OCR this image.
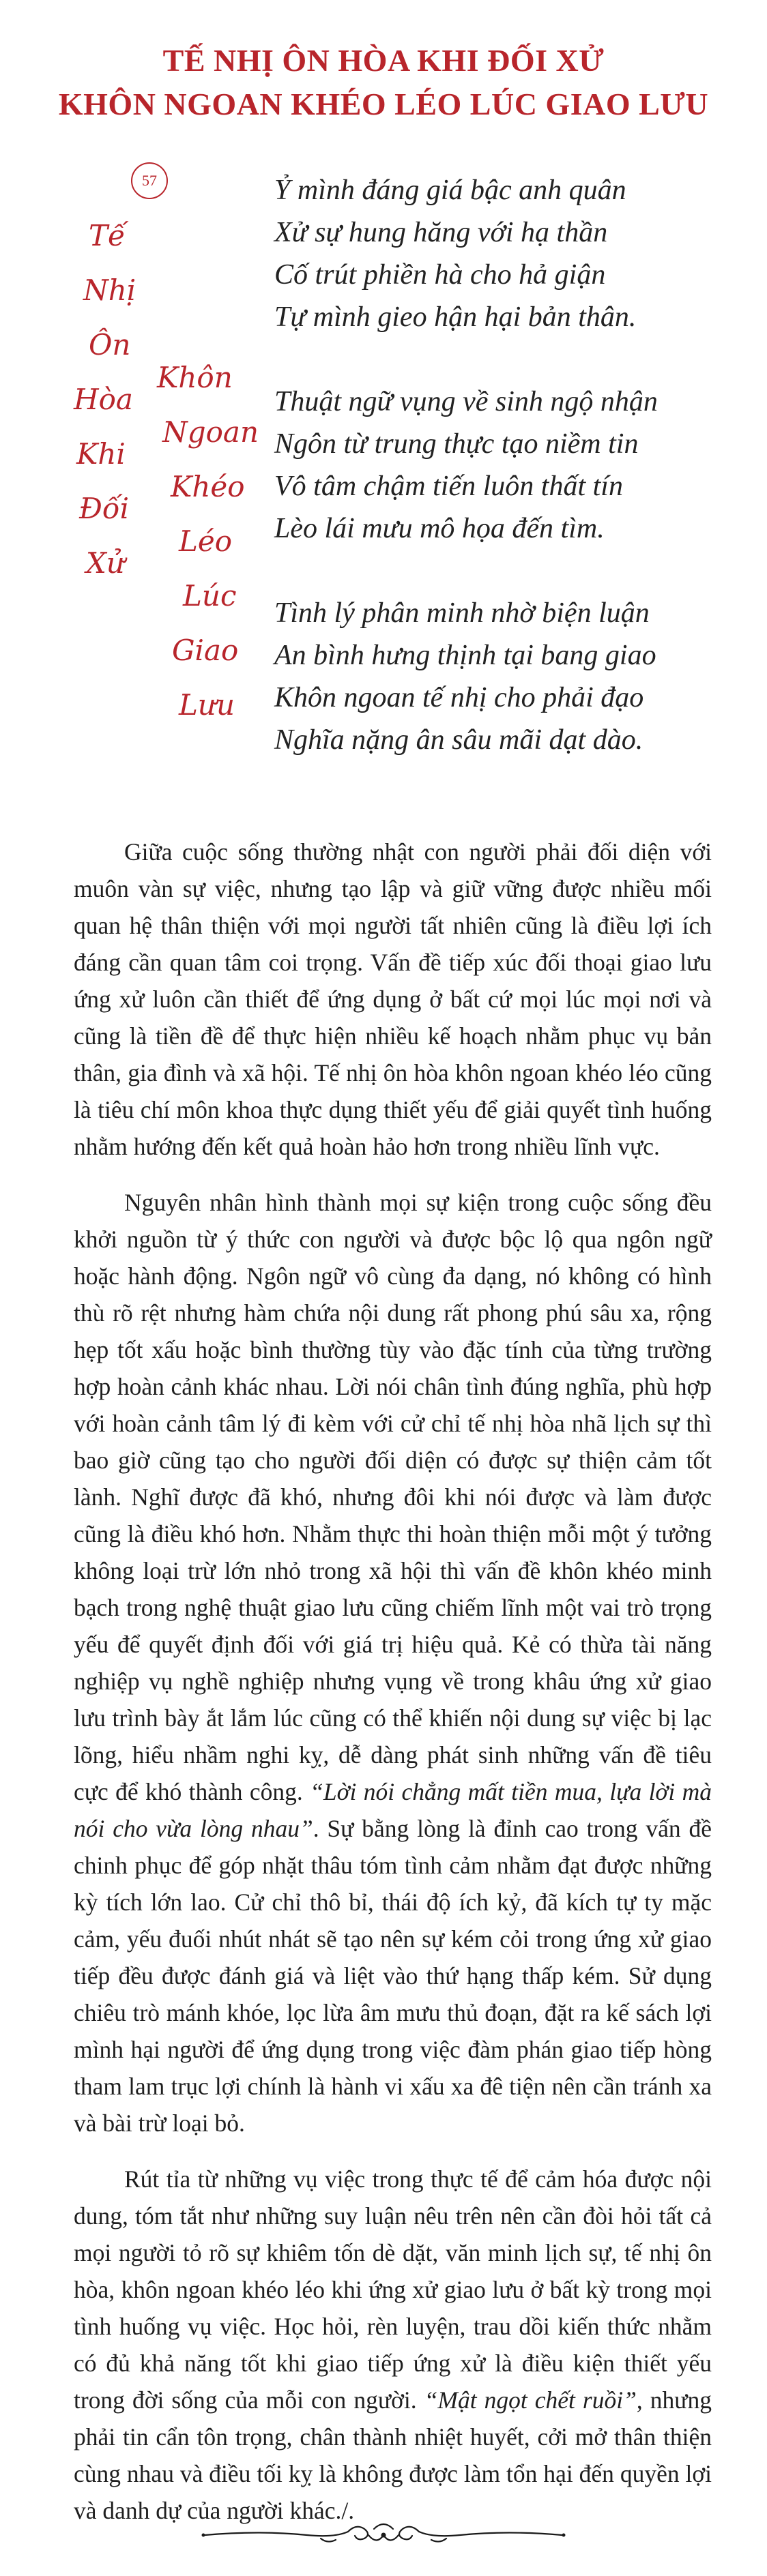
TẾ NHỊ ÔN HÒA KHI ĐỐI XỬ
KHÔN NGOAN KHÉO LÉO LÚC GIAO LƯU
57
Tế
Nhị
Ôn
Hòa
Khi
Đối
Xử
Khôn
Ngoan
Khéo
Léo
Lúc
Giao
Lưu
Ỷ mình đáng giá bậc anh quân
Xử sự hung hăng với hạ thần
Cố trút phiền hà cho hả giận
Tự mình gieo hận hại bản thân.
Thuật ngữ vụng về sinh ngộ nhận
Ngôn từ trung thực tạo niềm tin
Vô tâm chậm tiến luôn thất tín
Lèo lái mưu mô họa đến tìm.
Tình lý phân minh nhờ biện luận
An bình hưng thịnh tại bang giao
Khôn ngoan tế nhị cho phải đạo
Nghĩa nặng ân sâu mãi dạt dào.

Giữa cuộc sống thường nhật con người phải đối diện với muôn vàn sự việc, nhưng tạo lập và giữ vững được nhiều mối quan hệ thân thiện với mọi người tất nhiên cũng là điều lợi ích đáng cần quan tâm coi trọng. Vấn đề tiếp xúc đối thoại giao lưu ứng xử luôn cần thiết để ứng dụng ở bất cứ mọi lúc mọi nơi và cũng là tiền đề để thực hiện nhiều kế hoạch nhằm phục vụ bản thân, gia đình và xã hội. Tế nhị ôn hòa khôn ngoan khéo léo cũng là tiêu chí môn khoa thực dụng thiết yếu để giải quyết tình huống nhằm hướng đến kết quả hoàn hảo hơn trong nhiều lĩnh vực.

Nguyên nhân hình thành mọi sự kiện trong cuộc sống đều khởi nguồn từ ý thức con người và được bộc lộ qua ngôn ngữ hoặc hành động. Ngôn ngữ vô cùng đa dạng, nó không có hình thù rõ rệt nhưng hàm chứa nội dung rất phong phú sâu xa, rộng hẹp tốt xấu hoặc bình thường tùy vào đặc tính của từng trường hợp hoàn cảnh khác nhau. Lời nói chân tình đúng nghĩa, phù hợp với hoàn cảnh tâm lý đi kèm với cử chỉ tế nhị hòa nhã lịch sự thì bao giờ cũng tạo cho người đối diện có được sự thiện cảm tốt lành. Nghĩ được đã khó, nhưng đôi khi nói được và làm được cũng là điều khó hơn. Nhằm thực thi hoàn thiện mỗi một ý tưởng không loại trừ lớn nhỏ trong xã hội thì vấn đề khôn khéo minh bạch trong nghệ thuật giao lưu cũng chiếm lĩnh một vai trò trọng yếu để quyết định đối với giá trị hiệu quả. Kẻ có thừa tài năng nghiệp vụ nghề nghiệp nhưng vụng về trong khâu ứng xử giao lưu trình bày ắt lắm lúc cũng có thể khiến nội dung sự việc bị lạc lõng, hiểu nhầm nghi kỵ, dễ dàng phát sinh những vấn đề tiêu cực để khó thành công. “Lời nói chẳng mất tiền mua, lựa lời mà nói cho vừa lòng nhau”. Sự bằng lòng là đỉnh cao trong vấn đề chinh phục để góp nhặt thâu tóm tình cảm nhằm đạt được những kỳ tích lớn lao. Cử chỉ thô bỉ, thái độ ích kỷ, đã kích tự ty mặc cảm, yếu đuối nhút nhát sẽ tạo nên sự kém cỏi trong ứng xử giao tiếp đều được đánh giá và liệt vào thứ hạng thấp kém. Sử dụng chiêu trò mánh khóe, lọc lừa âm mưu thủ đoạn, đặt ra kế sách lợi mình hại người để ứng dụng trong việc đàm phán giao tiếp hòng tham lam trục lợi chính là hành vi xấu xa đê tiện nên cần tránh xa và bài trừ loại bỏ.

Rút tỉa từ những vụ việc trong thực tế để cảm hóa được nội dung, tóm tắt như những suy luận nêu trên nên cần đòi hỏi tất cả mọi người tỏ rõ sự khiêm tốn dè dặt, văn minh lịch sự, tế nhị ôn hòa, khôn ngoan khéo léo khi ứng xử giao lưu ở bất kỳ trong mọi tình huống vụ việc. Học hỏi, rèn luyện, trau dồi kiến thức nhằm có đủ khả năng tốt khi giao tiếp ứng xử là điều kiện thiết yếu trong đời sống của mỗi con người. “Mật ngọt chết ruồi”, nhưng phải tin cẩn tôn trọng, chân thành nhiệt huyết, cởi mở thân thiện cùng nhau và điều tối kỵ là không được làm tổn hại đến quyền lợi và danh dự của người khác./.
